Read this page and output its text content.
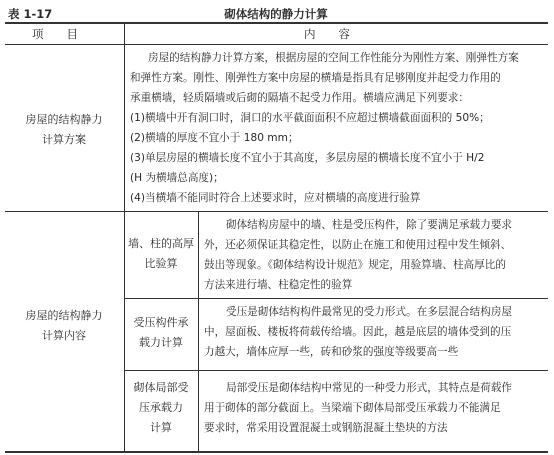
表 1-17	砌体结构的静力计算
项　　目	内　　容
房屋的结构静力
计算方案
房屋的结构静力计算方案，根据房屋的空间工作性能分为刚性方案、刚弹性方案
和弹性方案。刚性、刚弹性方案中房屋的横墙是指具有足够刚度并起受力作用的
承重横墙，轻质隔墙或后砌的隔墙不起受力作用。横墙应满足下列要求：
(1)横墙中开有洞口时，洞口的水平截面面积不应超过横墙截面面积的 50%；
(2)横墙的厚度不宜小于 180 mm；
(3)单层房屋的横墙长度不宜小于其高度，多层房屋的横墙长度不宜小于 H/2
(H 为横墙总高度)；
(4)当横墙不能同时符合上述要求时，应对横墙的高度进行验算
房屋的结构静力
计算内容
墙、柱的高厚
比验算
砌体结构房屋中的墙、柱是受压构件，除了要满足承载力要求
外，还必须保证其稳定性，以防止在施工和使用过程中发生倾斜、
鼓出等现象。《砌体结构设计规范》规定，用验算墙、柱高厚比的
方法来进行墙、柱稳定性的验算
受压构件承
载力计算
受压是砌体结构构件最常见的受力形式。在多层混合结构房屋
中，屋面板、楼板将荷载传给墙。因此，越是底层的墙体受到的压
力越大，墙体应厚一些，砖和砂浆的强度等级要高一些
砌体局部受
压承载力
计算
局部受压是砌体结构中常见的一种受力形式，其特点是荷载作
用于砌体的部分截面上。当梁端下砌体局部受压承载力不能满足
要求时，常采用设置混凝土或钢筋混凝土垫块的方法
